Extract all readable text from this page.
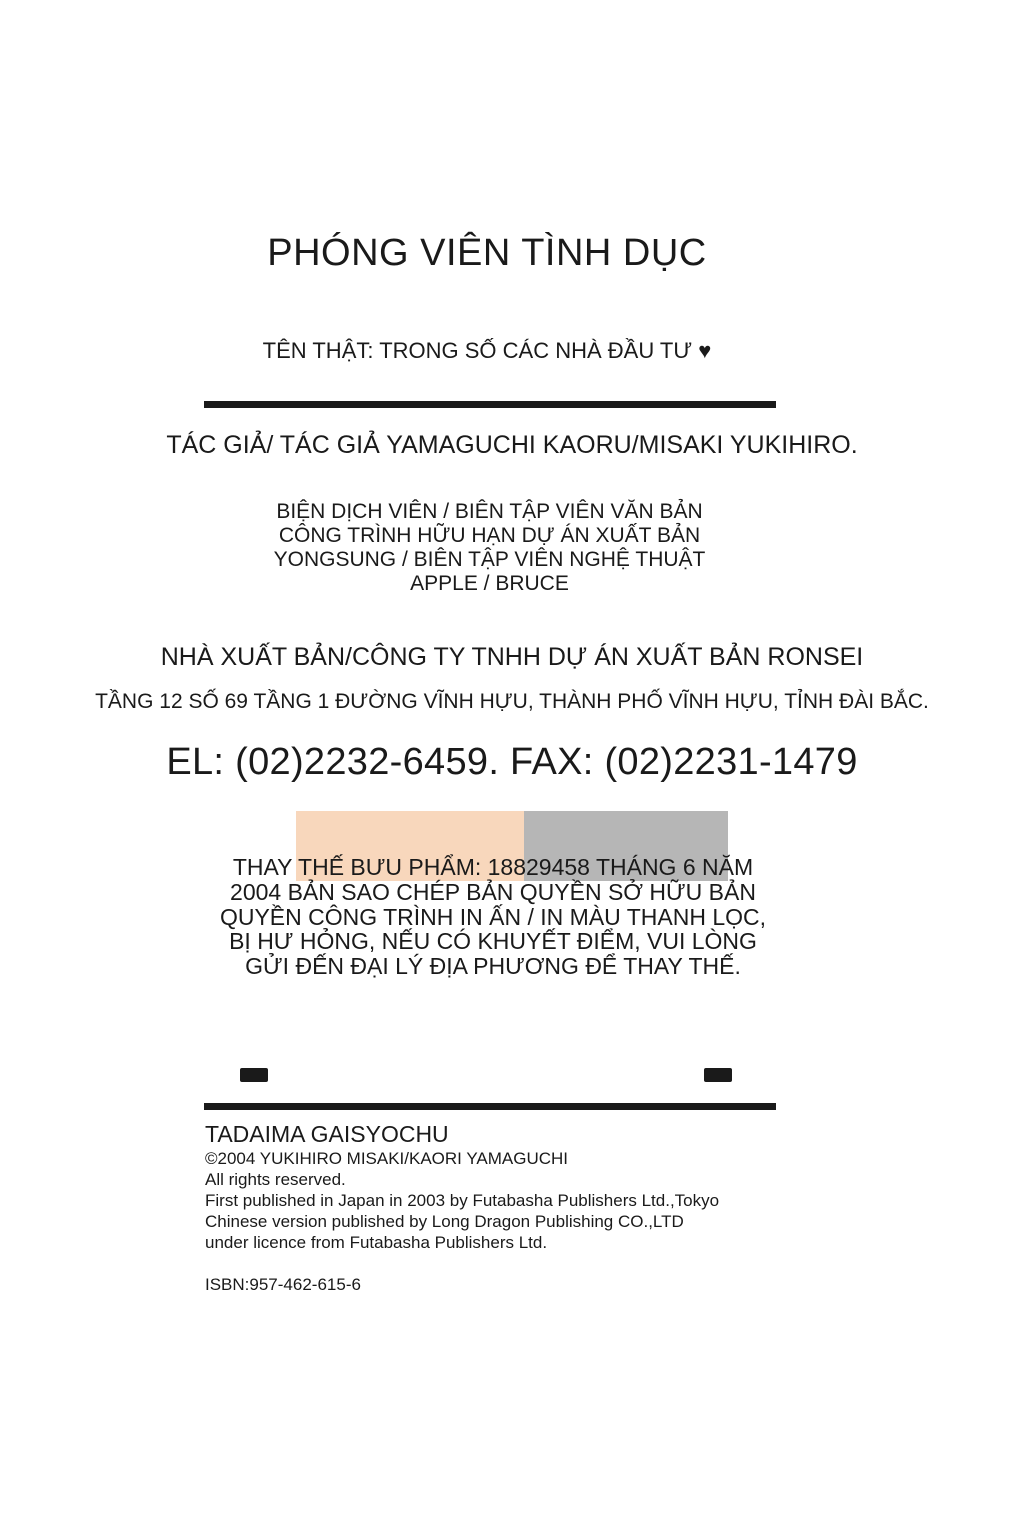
PHÓNG VIÊN TÌNH DỤC
TÊN THẬT: TRONG SỐ CÁC NHÀ ĐẦU TƯ ♥
TÁC GIẢ/ TÁC GIẢ YAMAGUCHI KAORU/MISAKI YUKIHIRO.
BIỆN DỊCH VIÊN / BIÊN TẬP VIÊN VĂN BẢN CÔNG TRÌNH HỮU HẠN DỰ ÁN XUẤT BẢN YONGSUNG / BIÊN TẬP VIÊN NGHỆ THUẬT APPLE / BRUCE
NHÀ XUẤT BẢN/CÔNG TY TNHH DỰ ÁN XUẤT BẢN RONSEI
TẦNG 12 SỐ 69 TẦNG 1 ĐƯỜNG VĨNH HỰU, THÀNH PHỐ VĨNH HỰU, TỈNH ĐÀI BẮC.
EL: (02)2232-6459. FAX: (02)2231-1479
THAY THẾ BƯU PHẨM: 18829458 THÁNG 6 NĂM 2004 BẢN SAO CHÉP BẢN QUYỀN SỞ HỮU BẢN QUYỀN CÔNG TRÌNH IN ẤN / IN MÀU THANH LỌC, BỊ HƯ HỎNG, NẾU CÓ KHUYẾT ĐIỂM, VUI LÒNG GỬI ĐẾN ĐẠI LÝ ĐỊA PHƯƠNG ĐỂ THAY THẾ.
TADAIMA GAISYOCHU
©2004 YUKIHIRO MISAKI/KAORI YAMAGUCHI
All rights reserved.
First published in Japan in 2003 by Futabasha Publishers Ltd.,Tokyo
Chinese version published by Long Dragon Publishing CO.,LTD
under licence from Futabasha Publishers Ltd.
ISBN:957-462-615-6
